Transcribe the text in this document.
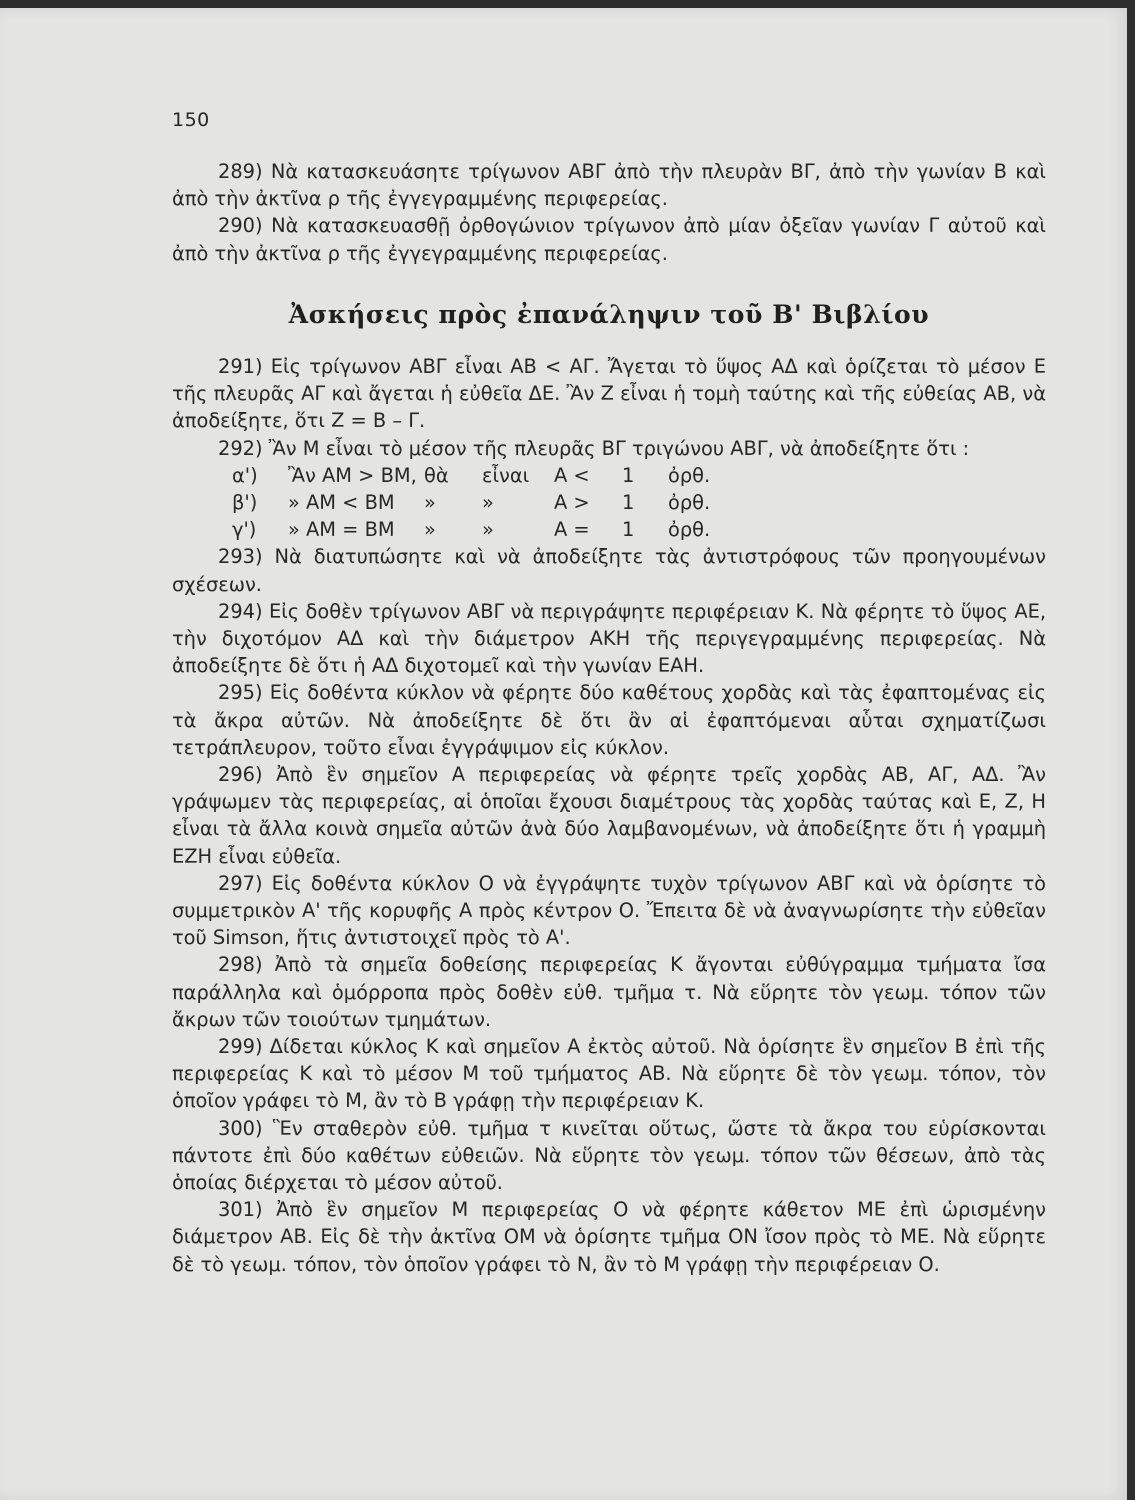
150

289) Νὰ κατασκευάσητε τρίγωνον ΑΒΓ ἀπὸ τὴν πλευρὰν ΒΓ, ἀπὸ τὴν γωνίαν Β καὶ ἀπὸ τὴν ἀκτῖνα ρ τῆς ἐγγεγραμμένης περιφερείας.

290) Νὰ κατασκευασθῇ ὀρθογώνιον τρίγωνον ἀπὸ μίαν ὀξεῖαν γωνίαν Γ αὐτοῦ καὶ ἀπὸ τὴν ἀκτῖνα ρ τῆς ἐγγεγραμμένης περιφερείας.

Ἀσκήσεις πρὸς ἐπανάληψιν τοῦ Β' Βιβλίου

291) Εἰς τρίγωνον ΑΒΓ εἶναι ΑΒ < ΑΓ. Ἄγεται τὸ ὕψος ΑΔ καὶ ὁρίζεται τὸ μέσον Ε τῆς πλευρᾶς ΑΓ καὶ ἄγεται ἡ εὐθεῖα ΔΕ. Ἂν Ζ εἶναι ἡ τομὴ ταύτης καὶ τῆς εὐθείας ΑΒ, νὰ ἀποδείξητε, ὅτι Ζ = Β – Γ.

292) Ἂν Μ εἶναι τὸ μέσον τῆς πλευρᾶς ΒΓ τριγώνου ΑΒΓ, νὰ ἀποδείξητε ὅτι :

α')	Ἂν ΑΜ > ΒΜ, θὰ	εἶναι Α <	1	ὀρθ.
β')	» ΑΜ < ΒΜ	»	»	Α >	1	ὀρθ.
γ')	» ΑΜ = ΒΜ	»	»	Α =	1	ὀρθ.

293) Νὰ διατυπώσητε καὶ νὰ ἀποδείξητε τὰς ἀντιστρόφους τῶν προηγουμένων σχέσεων.

294) Εἰς δοθὲν τρίγωνον ΑΒΓ νὰ περιγράψητε περιφέρειαν Κ. Νὰ φέρητε τὸ ὕψος ΑΕ, τὴν διχοτόμον ΑΔ καὶ τὴν διάμετρον ΑΚΗ τῆς περιγεγραμμένης περιφερείας. Νὰ ἀποδείξητε δὲ ὅτι ἡ ΑΔ διχοτομεῖ καὶ τὴν γωνίαν ΕΑΗ.

295) Εἰς δοθέντα κύκλον νὰ φέρητε δύο καθέτους χορδὰς καὶ τὰς ἐφαπτομένας εἰς τὰ ἄκρα αὐτῶν. Νὰ ἀποδείξητε δὲ ὅτι ἂν αἱ ἐφαπτόμεναι αὗται σχηματίζωσι τετράπλευρον, τοῦτο εἶναι ἐγγράψιμον εἰς κύκλον.

296) Ἀπὸ ἓν σημεῖον Α περιφερείας νὰ φέρητε τρεῖς χορδὰς ΑΒ, ΑΓ, ΑΔ. Ἂν γράψωμεν τὰς περιφερείας, αἱ ὁποῖαι ἔχουσι διαμέτρους τὰς χορδὰς ταύτας καὶ Ε, Ζ, Η εἶναι τὰ ἄλλα κοινὰ σημεῖα αὐτῶν ἀνὰ δύο λαμβανομένων, νὰ ἀποδείξητε ὅτι ἡ γραμμὴ ΕΖΗ εἶναι εὐθεῖα.

297) Εἰς δοθέντα κύκλον Ο νὰ ἐγγράψητε τυχὸν τρίγωνον ΑΒΓ καὶ νὰ ὁρίσητε τὸ συμμετρικὸν Α' τῆς κορυφῆς Α πρὸς κέντρον Ο. Ἔπειτα δὲ νὰ ἀναγνωρίσητε τὴν εὐθεῖαν τοῦ Simson, ἥτις ἀντιστοιχεῖ πρὸς τὸ Α'.

298) Ἀπὸ τὰ σημεῖα δοθείσης περιφερείας Κ ἄγονται εὐθύγραμμα τμήματα ἴσα παράλληλα καὶ ὁμόρροπα πρὸς δοθὲν εὐθ. τμῆμα τ. Νὰ εὕρητε τὸν γεωμ. τόπον τῶν ἄκρων τῶν τοιούτων τμημάτων.

299) Δίδεται κύκλος Κ καὶ σημεῖον Α ἐκτὸς αὐτοῦ. Νὰ ὁρίσητε ἓν σημεῖον Β ἐπὶ τῆς περιφερείας Κ καὶ τὸ μέσον Μ τοῦ τμήματος ΑΒ. Νὰ εὕρητε δὲ τὸν γεωμ. τόπον, τὸν ὁποῖον γράφει τὸ Μ, ἂν τὸ Β γράφῃ τὴν περιφέρειαν Κ.

300) Ἓν σταθερὸν εὐθ. τμῆμα τ κινεῖται οὕτως, ὥστε τὰ ἄκρα του εὑρίσκονται πάντοτε ἐπὶ δύο καθέτων εὐθειῶν. Νὰ εὕρητε τὸν γεωμ. τόπον τῶν θέσεων, ἀπὸ τὰς ὁποίας διέρχεται τὸ μέσον αὐτοῦ.

301) Ἀπὸ ἓν σημεῖον Μ περιφερείας Ο νὰ φέρητε κάθετον ΜΕ ἐπὶ ὡρισμένην διάμετρον ΑΒ. Εἰς δὲ τὴν ἀκτῖνα ΟΜ νὰ ὁρίσητε τμῆμα ΟΝ ἴσον πρὸς τὸ ΜΕ. Νὰ εὕρητε δὲ τὸ γεωμ. τόπον, τὸν ὁποῖον γράφει τὸ Ν, ἂν τὸ Μ γράφῃ τὴν περιφέρειαν Ο.
